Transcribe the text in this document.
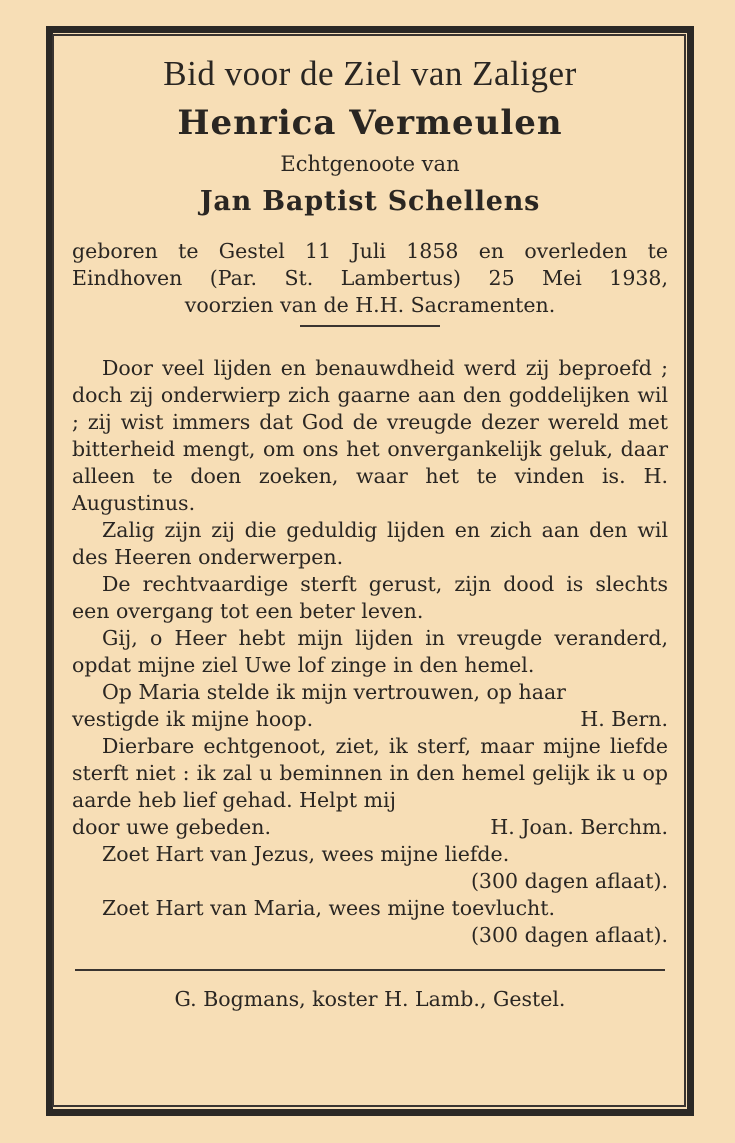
Bid voor de Ziel van Zaliger
Henrica Vermeulen
Echtgenoote van
Jan Baptist Schellens
geboren te Gestel 11 Juli 1858 en overleden te
Eindhoven (Par. St. Lambertus) 25 Mei 1938,
voorzien van de H.H. Sacramenten.

Door veel lijden en benauwdheid werd zij beproefd ; doch zij onderwierp zich gaarne aan den goddelijken wil ; zij wist immers dat God de vreugde dezer wereld met bitterheid mengt, om ons het onvergankelijk geluk, daar alleen te doen zoeken, waar het te vinden is. H. Augustinus.

Zalig zijn zij die geduldig lijden en zich aan den wil des Heeren onderwerpen.

De rechtvaardige sterft gerust, zijn dood is slechts een overgang tot een beter leven.

Gij, o Heer hebt mijn lijden in vreugde veranderd, opdat mijne ziel Uwe lof zinge in den hemel.

Op Maria stelde ik mijn vertrouwen, op haar

vestigde ik mijne hoop.	H. Bern.

Dierbare echtgenoot, ziet, ik sterf, maar mijne liefde sterft niet : ik zal u beminnen in den hemel gelijk ik u op aarde heb lief gehad. Helpt mij

door uwe gebeden.	H. Joan. Berchm.

Zoet Hart van Jezus, wees mijne liefde.

(300 dagen aflaat).

Zoet Hart van Maria, wees mijne toevlucht.

(300 dagen aflaat).

G. Bogmans, koster H. Lamb., Gestel.
